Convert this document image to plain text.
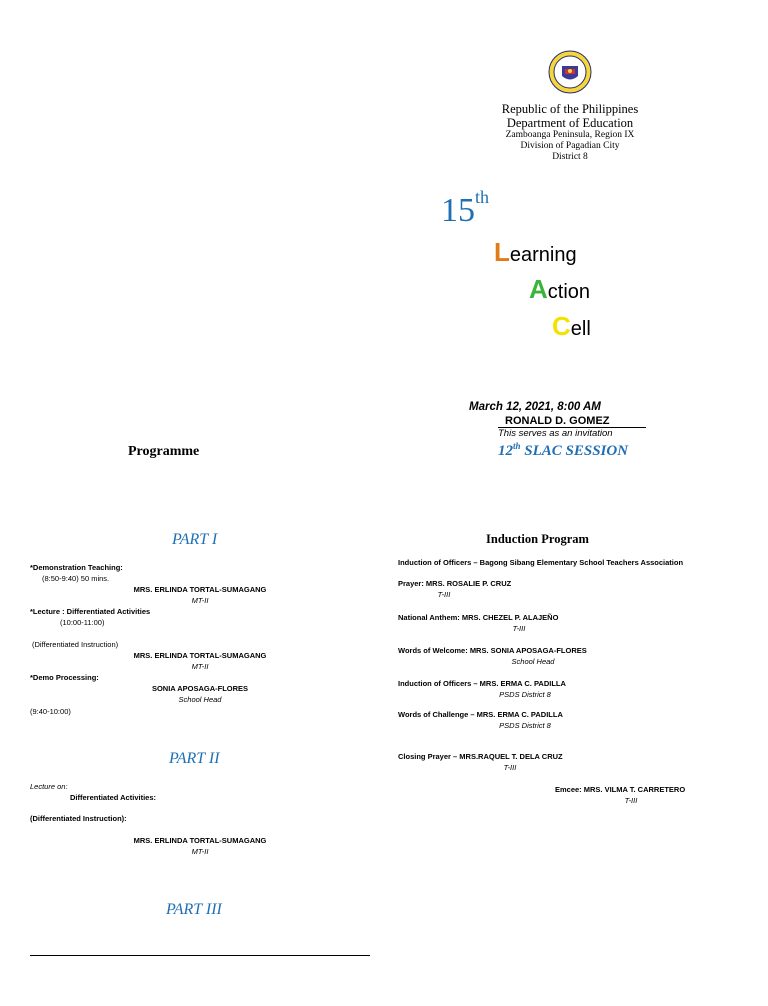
Republic of the Philippines
Department of Education
Zamboanga Peninsula, Region IX
Division of Pagadian City
District 8
15th
Learning
Action
Cell
March 12, 2021, 8:00 AM
RONALD D. GOMEZ
This serves as an invitation
12th SLAC SESSION
Programme
PART I
*Demonstration Teaching:
(8:50-9:40) 50 mins.
MRS. ERLINDA TORTAL-SUMAGANG
MT-II
*Lecture : Differentiated Activities
(10:00-11:00)
(Differentiated Instruction)
MRS. ERLINDA TORTAL-SUMAGANG
MT-II
*Demo Processing:
SONIA APOSAGA-FLORES
School Head
(9:40-10:00)
PART II
Lecture on:
Differentiated Activities:
(Differentiated Instruction):
MRS. ERLINDA TORTAL-SUMAGANG
MT-II
PART III
Induction Program
Induction of Officers – Bagong Sibang Elementary School Teachers Association
Prayer: MRS. ROSALIE P. CRUZ
T-III
National Anthem: MRS. CHEZEL P. ALAJEÑO
T-III
Words of Welcome: MRS. SONIA APOSAGA-FLORES
School Head
Induction of Officers – MRS. ERMA C. PADILLA
PSDS District 8
Words of Challenge – MRS. ERMA C. PADILLA
PSDS District 8
Closing Prayer – MRS.RAQUEL T. DELA CRUZ
T-III
Emcee: MRS. VILMA T. CARRETERO
T-III
